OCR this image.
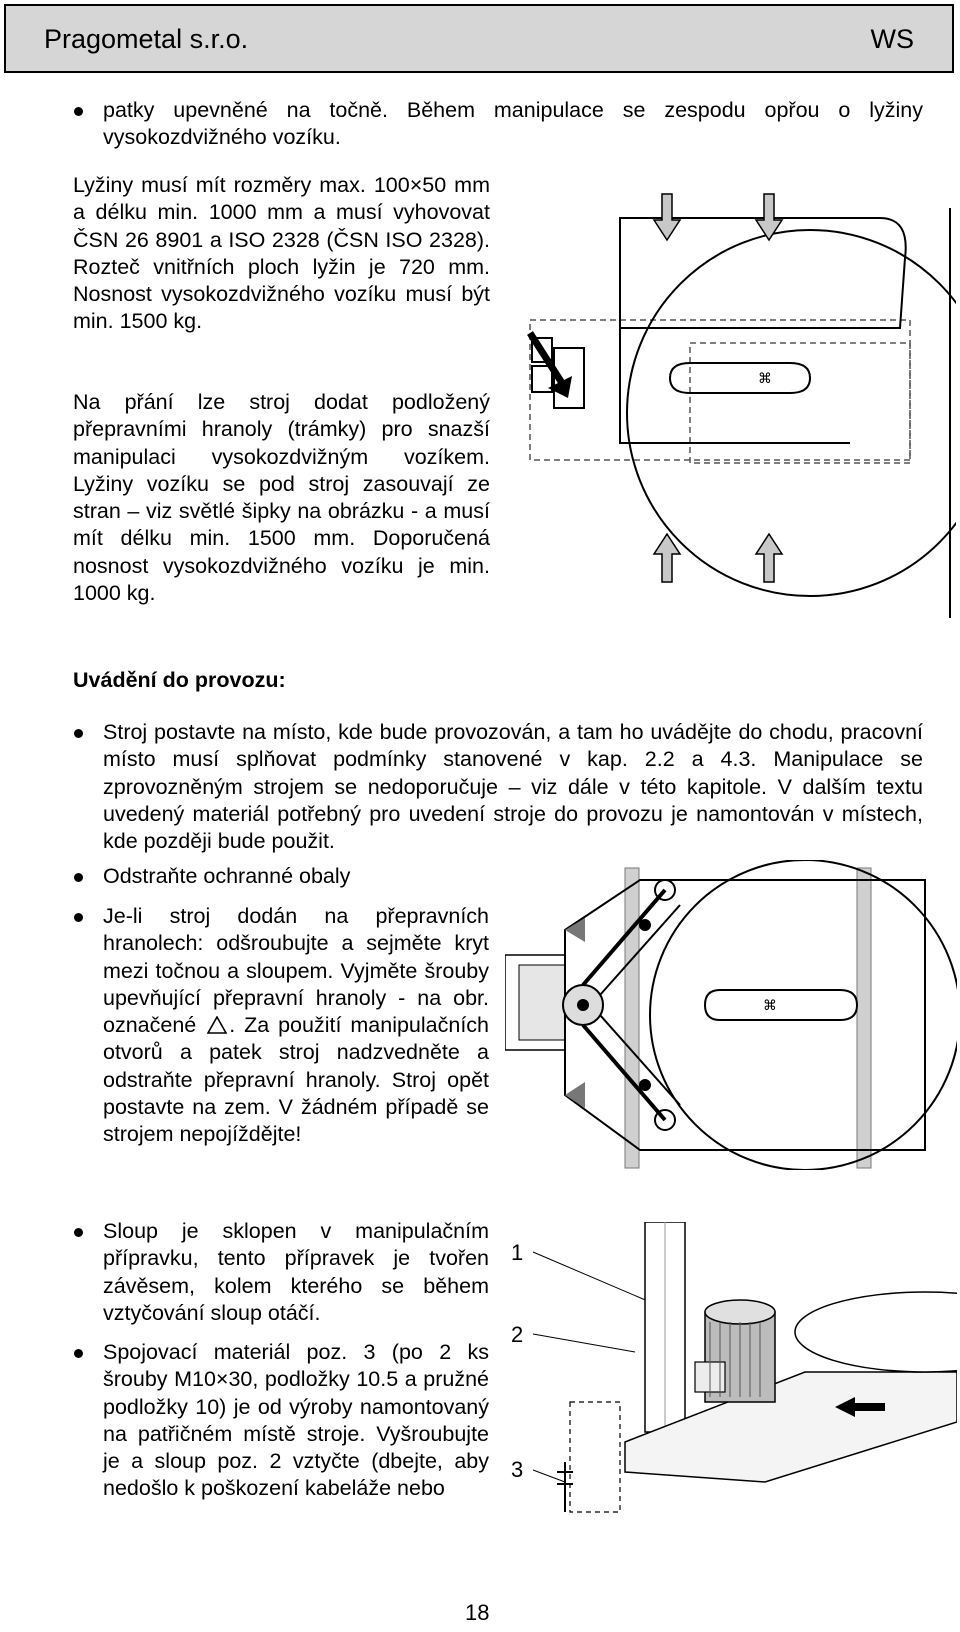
Pragometal s.r.o.	WS
patky upevněné na točně. Během manipulace se zespodu opřou o lyžiny vysokozdvižného vozíku.
Lyžiny musí mít rozměry max. 100×50 mm a délku min. 1000 mm a musí vyhovovat ČSN 26 8901 a ISO 2328 (ČSN ISO 2328). Rozteč vnitřních ploch lyžin je 720 mm. Nosnost vysokozdvižného vozíku musí být min. 1500 kg.
Na přání lze stroj dodat podložený přepravními hranoly (trámky) pro snazší manipulaci vysokozdvižným vozíkem. Lyžiny vozíku se pod stroj zasouvají ze stran – viz světlé šipky na obrázku - a musí mít délku min. 1500 mm. Doporučená nosnost vysokozdvižného vozíku je min. 1000 kg.
⌘
Uvádění do provozu:
Stroj postavte na místo, kde bude provozován, a tam ho uvádějte do chodu, pracovní místo musí splňovat podmínky stanovené v kap. 2.2 a 4.3. Manipulace se zprovozněným strojem se nedoporučuje – viz dále v této kapitole. V dalším textu uvedený materiál potřebný pro uvedení stroje do provozu je namontován v místech, kde později bude použit.
Odstraňte ochranné obaly
Je-li stroj dodán na přepravních hranolech: odšroubujte a sejměte kryt mezi točnou a sloupem. Vyjměte šrouby upevňující přepravní hranoly - na obr. označené . Za použití manipulačních otvorů a patek stroj nadzvedněte a odstraňte přepravní hranoly. Stroj opět postavte na zem. V žádném případě se strojem nepojíždějte!
⌘
Sloup je sklopen v manipulačním přípravku, tento přípravek je tvořen závěsem, kolem kterého se během vztyčování sloup otáčí.
Spojovací materiál poz. 3 (po 2 ks šrouby M10×30, podložky 10.5 a pružné podložky 10) je od výroby namontovaný na patřičném místě stroje. Vyšroubujte je a sloup poz. 2 vztyčte (dbejte, aby nedošlo k poškození kabeláže nebo
1
2
3
18
